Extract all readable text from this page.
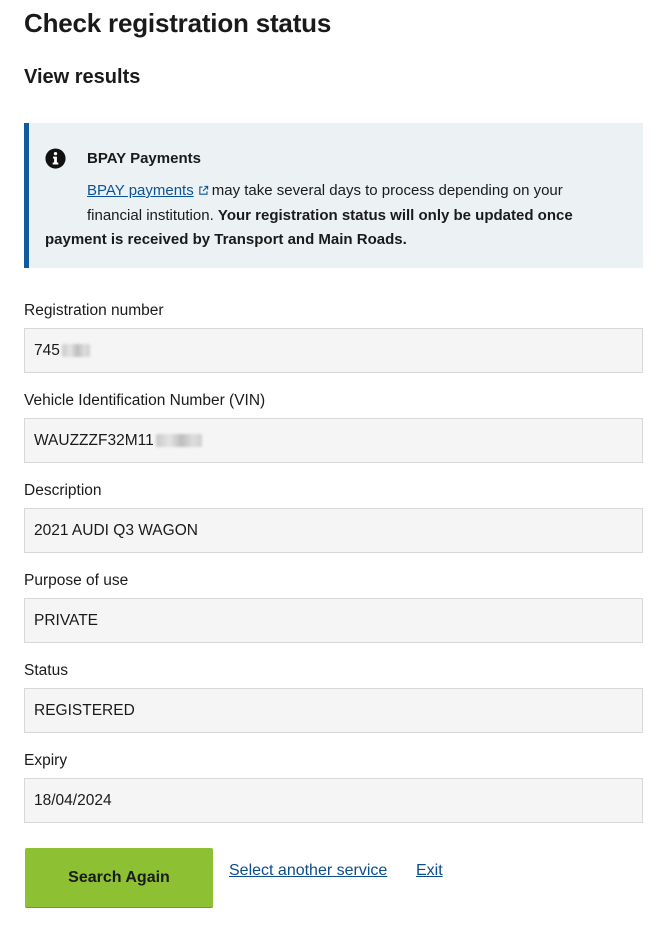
Check registration status
View results
BPAY Payments
BPAY payments may take several days to process depending on your
financial institution. Your registration status will only be updated once
payment is received by Transport and Main Roads.
Registration number
745
Vehicle Identification Number (VIN)
WAUZZZF32M11
Description
2021 AUDI Q3 WAGON
Purpose of use
PRIVATE
Status
REGISTERED
Expiry
18/04/2024
Search Again	Select another service Exit
